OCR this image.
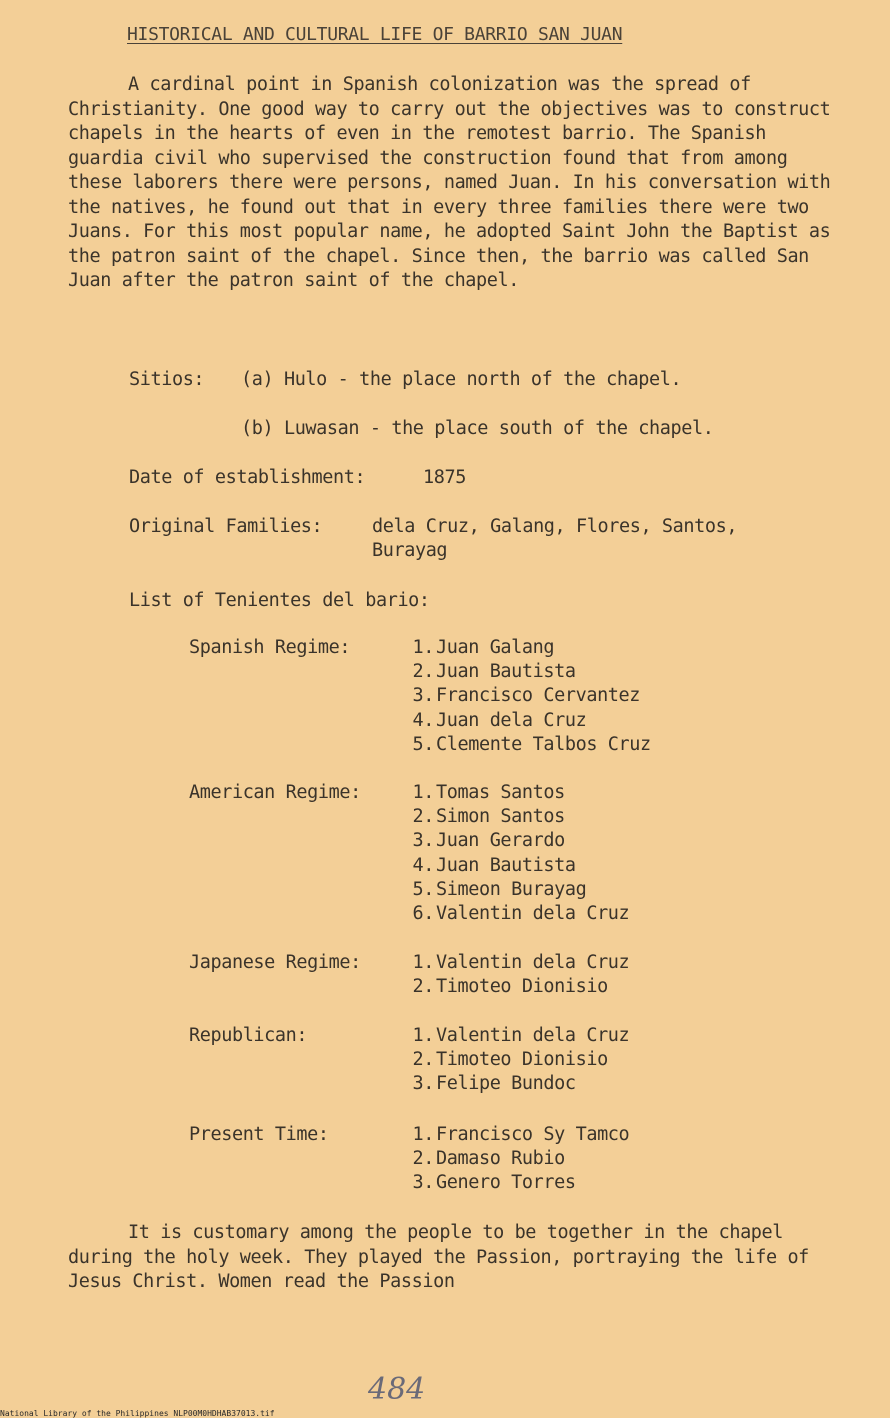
HISTORICAL AND CULTURAL LIFE OF BARRIO SAN JUAN

A cardinal point in Spanish colonization was the spread of Christianity. One good way to carry out the objectives was to construct chapels in the hearts of even in the remotest barrio. The Spanish guardia civil who supervised the construction found that from among these laborers there were persons, named Juan. In his conversation with the natives, he found out that in every three families there were two Juans. For this most popular name, he adopted Saint John the Baptist as the patron saint of the chapel. Since then, the barrio was called San Juan after the patron saint of the chapel.

Sitios: (a) Hulo - the place north of the chapel.
(b) Luwasan - the place south of the chapel.
Date of establishment:	1875
Original Families:	dela Cruz, Galang, Flores, Santos,
Burayag
List of Tenientes del bario:
Spanish Regime:	1. Juan Galang
2. Juan Bautista
3. Francisco Cervantez
4. Juan dela Cruz
5. Clemente Talbos Cruz
American Regime:	1. Tomas Santos
2. Simon Santos
3. Juan Gerardo
4. Juan Bautista
5. Simeon Burayag
6. Valentin dela Cruz
Japanese Regime:	1. Valentin dela Cruz
2. Timoteo Dionisio
Republican:	1. Valentin dela Cruz
2. Timoteo Dionisio
3. Felipe Bundoc
Present Time:	1. Francisco Sy Tamco
2. Damaso Rubio
3. Genero Torres

It is customary among the people to be together in the chapel during the holy week. They played the Passion, portraying the life of Jesus Christ. Women read the Passion

484
National Library of the Philippines NLP00M0HDHAB37013.tif
